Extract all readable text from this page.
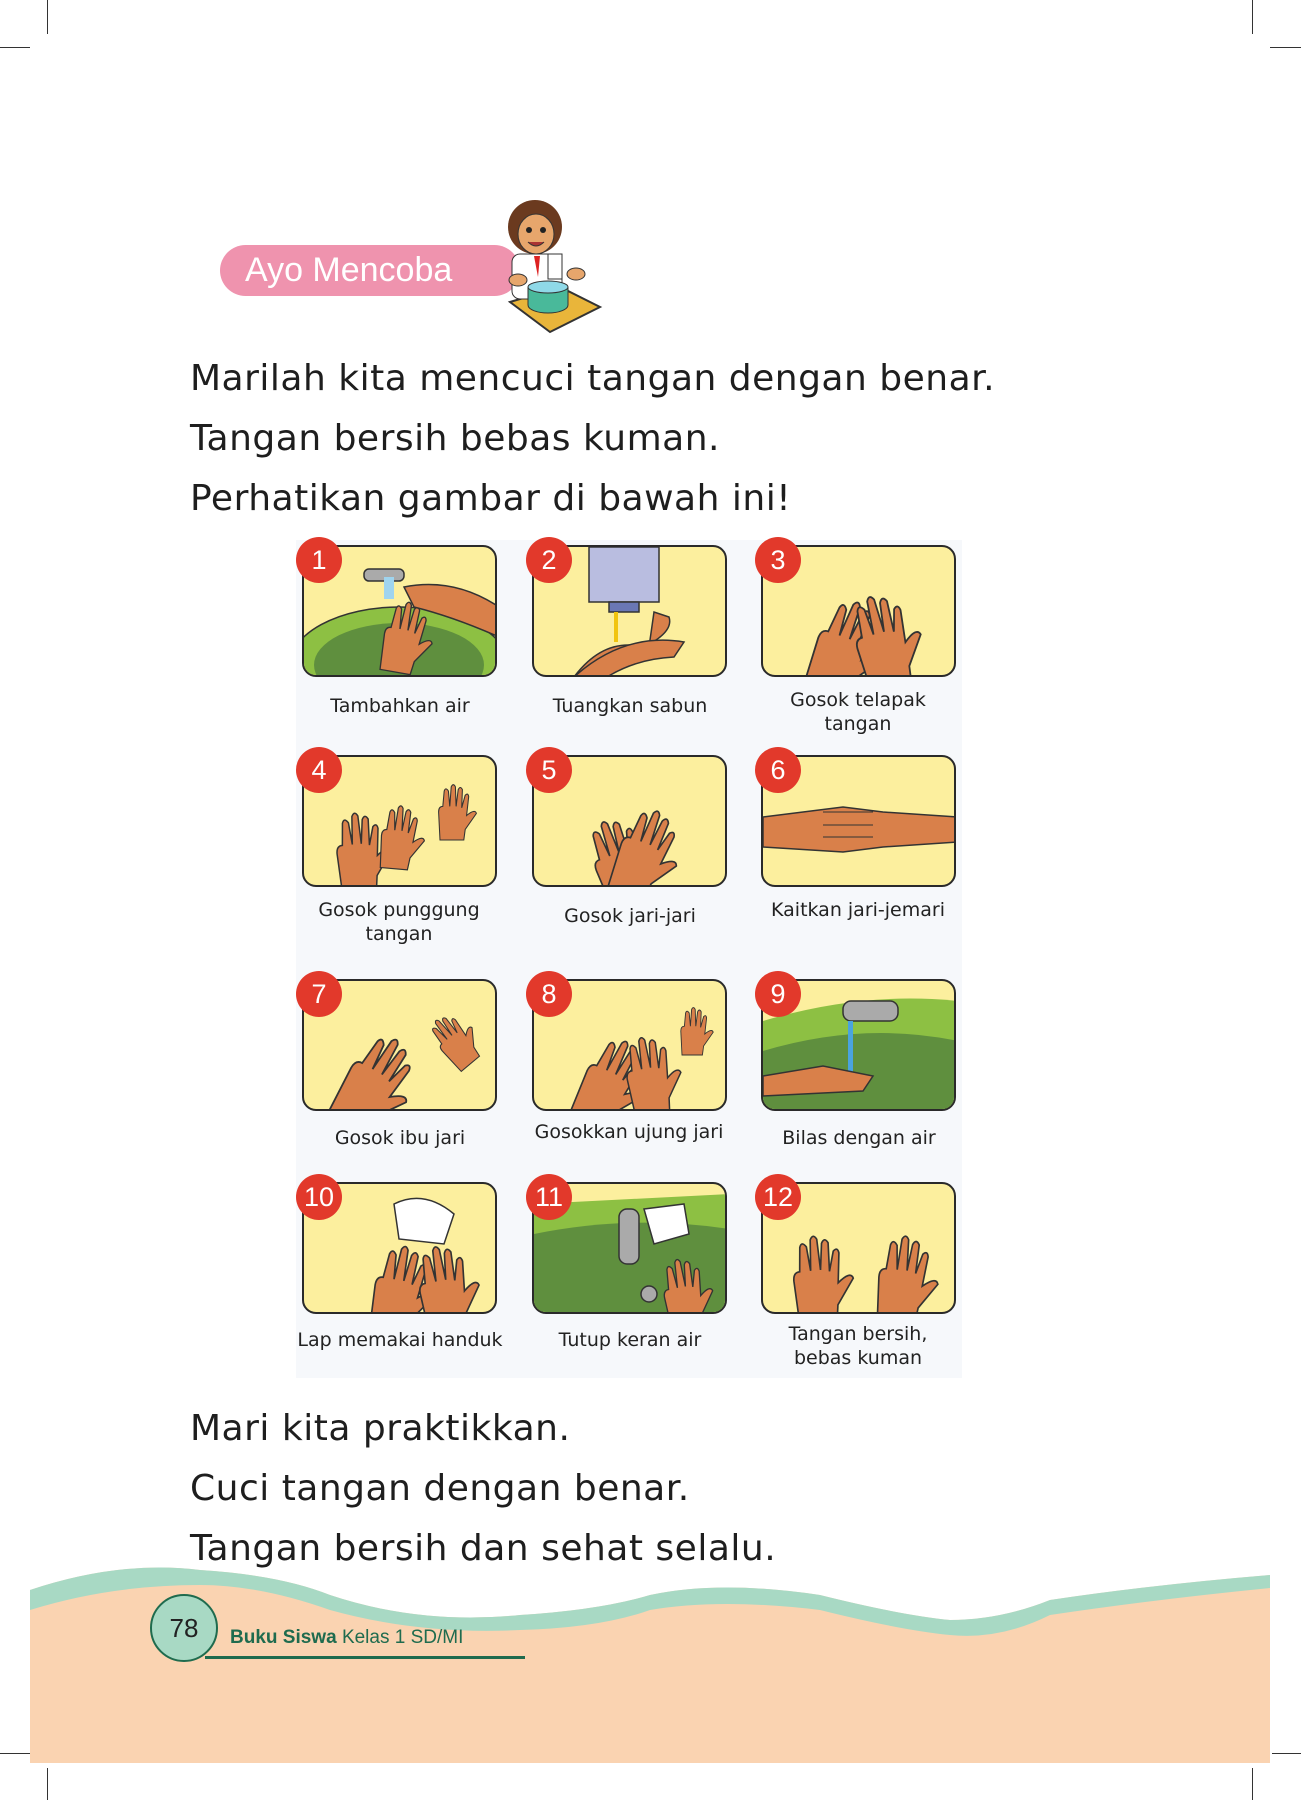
Ayo Mencoba
Marilah kita mencuci tangan dengan benar.
Tangan bersih bebas kuman.
Perhatikan gambar di bawah ini!
1
Tambahkan air
2
Tuangkan sabun
3
Gosok telapak tangan
4
Gosok punggung tangan
5
Gosok jari-jari
6
Kaitkan jari-jemari
7
Gosok ibu jari
8
Gosokkan ujung jari
9
Bilas dengan air
10
Lap memakai handuk
11
Tutup keran air
12
Tangan bersih, bebas kuman
Mari kita praktikkan.
Cuci tangan dengan benar.
Tangan bersih dan sehat selalu.
78	Buku Siswa Kelas 1 SD/MI
